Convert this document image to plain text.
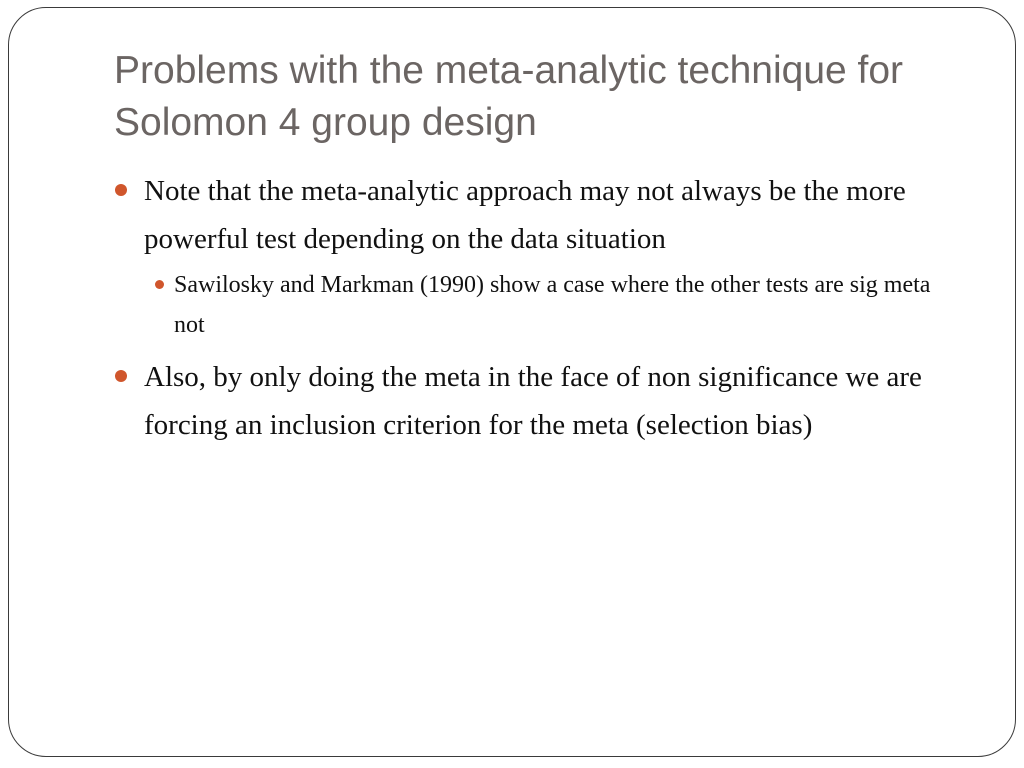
Problems with the meta-analytic technique for Solomon 4 group design
Note that the meta-analytic approach may not always be the more powerful test depending on the data situation
Sawilosky and Markman (1990) show a case where the other tests are sig meta not
Also, by only doing the meta in the face of non significance we are forcing an inclusion criterion for the meta (selection bias)
